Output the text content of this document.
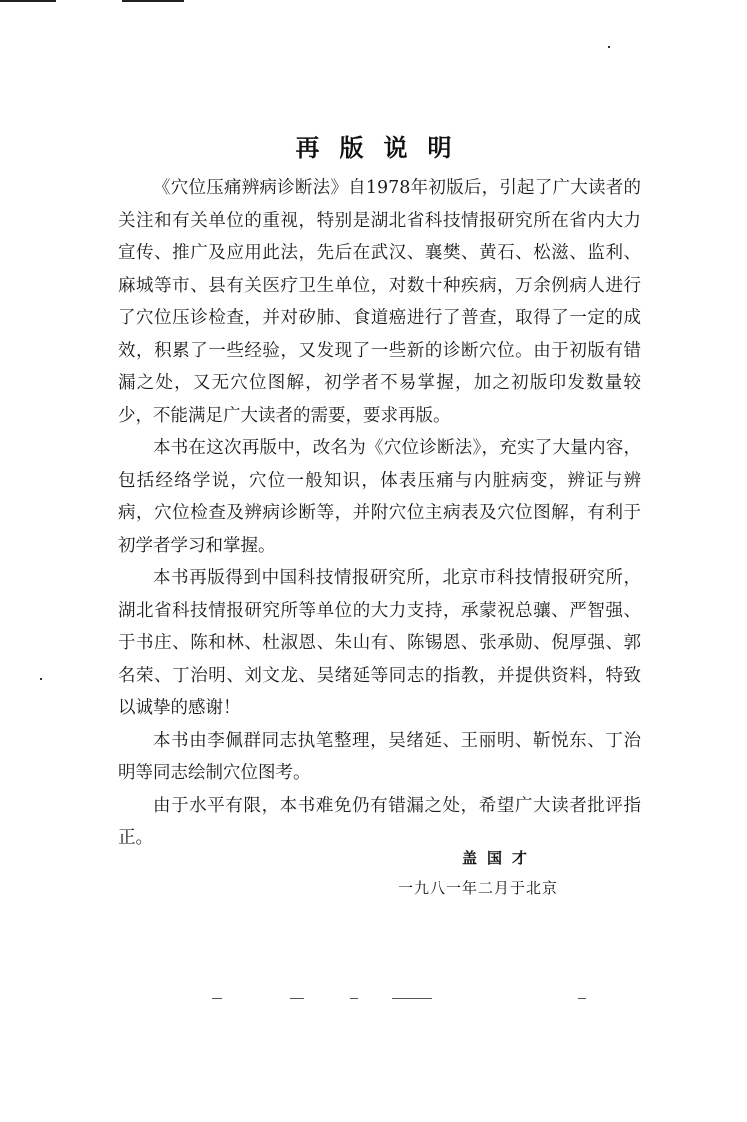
再版说明

《穴位压痛辨病诊断法》自1978年初版后，引起了广大读者的关注和有关单位的重视，特别是湖北省科技情报研究所在省内大力宣传、推广及应用此法，先后在武汉、襄樊、黄石、松滋、监利、麻城等市、县有关医疗卫生单位，对数十种疾病，万余例病人进行了穴位压诊检查，并对矽肺、食道癌进行了普查，取得了一定的成效，积累了一些经验，又发现了一些新的诊断穴位。由于初版有错漏之处，又无穴位图解，初学者不易掌握，加之初版印发数量较少，不能满足广大读者的需要，要求再版。

本书在这次再版中，改名为《穴位诊断法》，充实了大量内容，包括经络学说，穴位一般知识，体表压痛与内脏病变，辨证与辨病，穴位检查及辨病诊断等，并附穴位主病表及穴位图解，有利于初学者学习和掌握。

本书再版得到中国科技情报研究所，北京市科技情报研究所，湖北省科技情报研究所等单位的大力支持，承蒙祝总骧、严智强、于书庄、陈和林、杜淑恩、朱山有、陈锡恩、张承勋、倪厚强、郭名荣、丁治明、刘文龙、吴绪延等同志的指教，并提供资料，特致以诚挚的感谢！

本书由李佩群同志执笔整理，吴绪延、王丽明、靳悦东、丁治明等同志绘制穴位图考。

由于水平有限，本书难免仍有错漏之处，希望广大读者批评指正。

盖国才
一九八一年二月于北京
